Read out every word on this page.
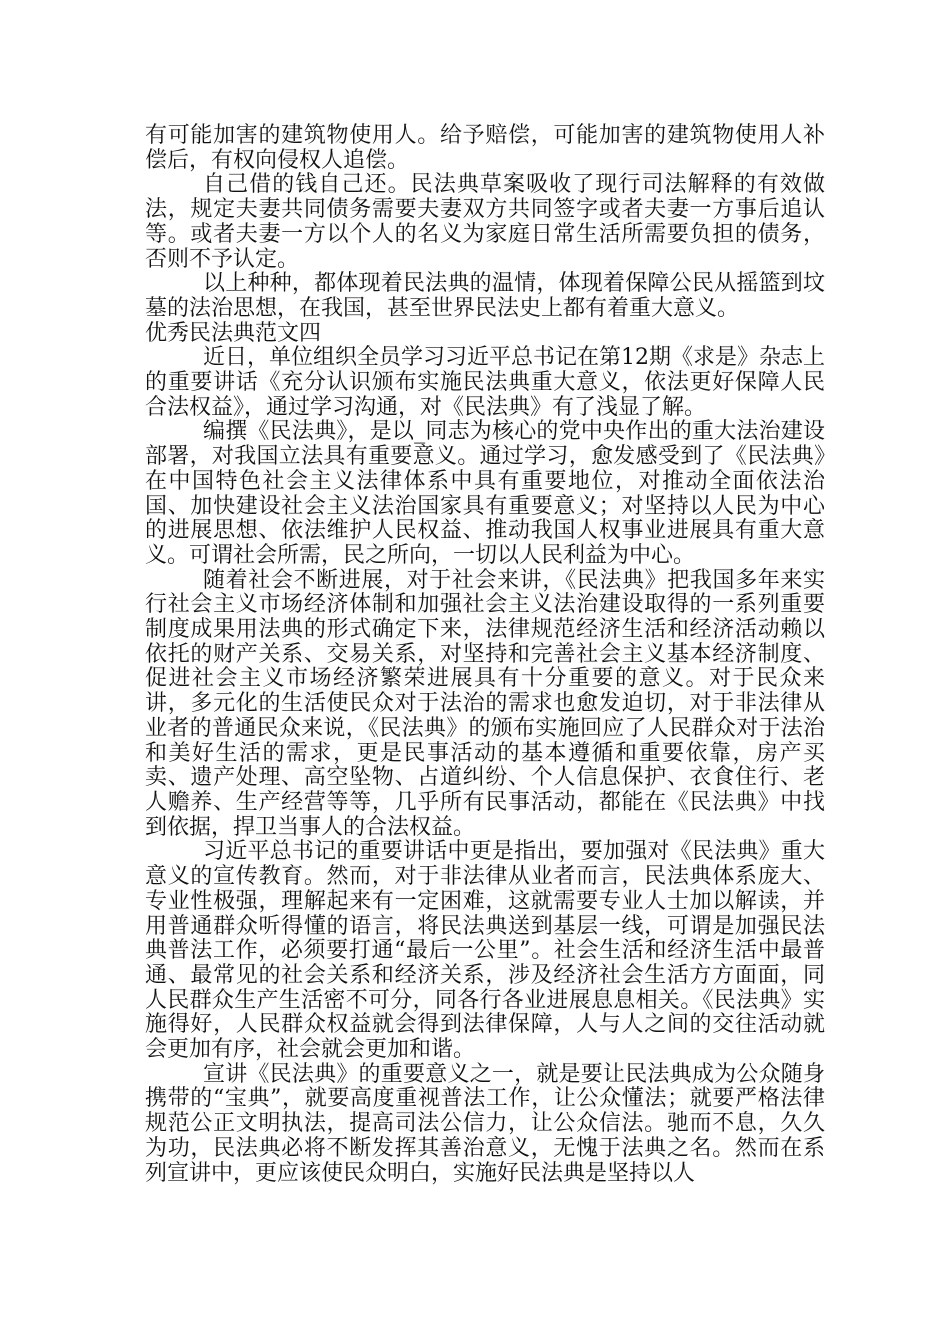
有可能加害的建筑物使用人。给予赔偿，可能加害的建筑物使用人补偿后，有权向侵权人追偿。

自己借的钱自己还。民法典草案吸收了现行司法解释的有效做法，规定夫妻共同债务需要夫妻双方共同签字或者夫妻一方事后追认等。或者夫妻一方以个人的名义为家庭日常生活所需要负担的债务，否则不予认定。

以上种种，都体现着民法典的温情，体现着保障公民从摇篮到坟墓的法治思想，在我国，甚至世界民法史上都有着重大意义。

优秀民法典范文四

近日，单位组织全员学习习近平总书记在第12期《求是》杂志上的重要讲话《充分认识颁布实施民法典重大意义，依法更好保障人民合法权益》，通过学习沟通，对《民法典》有了浅显了解。

编撰《民法典》，是以_同志为核心的党中央作出的重大法治建设部署，对我国立法具有重要意义。通过学习，愈发感受到了《民法典》在中国特色社会主义法律体系中具有重要地位，对推动全面依法治国、加快建设社会主义法治国家具有重要意义；对坚持以人民为中心的进展思想、依法维护人民权益、推动我国人权事业进展具有重大意义。可谓社会所需，民之所向，一切以人民利益为中心。

随着社会不断进展，对于社会来讲，《民法典》把我国多年来实行社会主义市场经济体制和加强社会主义法治建设取得的一系列重要制度成果用法典的形式确定下来，法律规范经济生活和经济活动赖以依托的财产关系、交易关系，对坚持和完善社会主义基本经济制度、促进社会主义市场经济繁荣进展具有十分重要的意义。对于民众来讲，多元化的生活使民众对于法治的需求也愈发迫切，对于非法律从业者的普通民众来说，《民法典》的颁布实施回应了人民群众对于法治和美好生活的需求，更是民事活动的基本遵循和重要依靠，房产买卖、遗产处理、高空坠物、占道纠纷、个人信息保护、衣食住行、老人赡养、生产经营等等，几乎所有民事活动，都能在《民法典》中找到依据，捍卫当事人的合法权益。

习近平总书记的重要讲话中更是指出，要加强对《民法典》重大意义的宣传教育。然而，对于非法律从业者而言，民法典体系庞大、专业性极强，理解起来有一定困难，这就需要专业人士加以解读，并用普通群众听得懂的语言，将民法典送到基层一线，可谓是加强民法典普法工作，必须要打通“最后一公里”。社会生活和经济生活中最普通、最常见的社会关系和经济关系，涉及经济社会生活方方面面，同人民群众生产生活密不可分，同各行各业进展息息相关。《民法典》实施得好，人民群众权益就会得到法律保障，人与人之间的交往活动就会更加有序，社会就会更加和谐。

宣讲《民法典》的重要意义之一，就是要让民法典成为公众随身携带的“宝典”，就要高度重视普法工作，让公众懂法；就要严格法律规范公正文明执法，提高司法公信力，让公众信法。驰而不息，久久为功，民法典必将不断发挥其善治意义，无愧于法典之名。然而在系列宣讲中，更应该使民众明白，实施好民法典是坚持以人
